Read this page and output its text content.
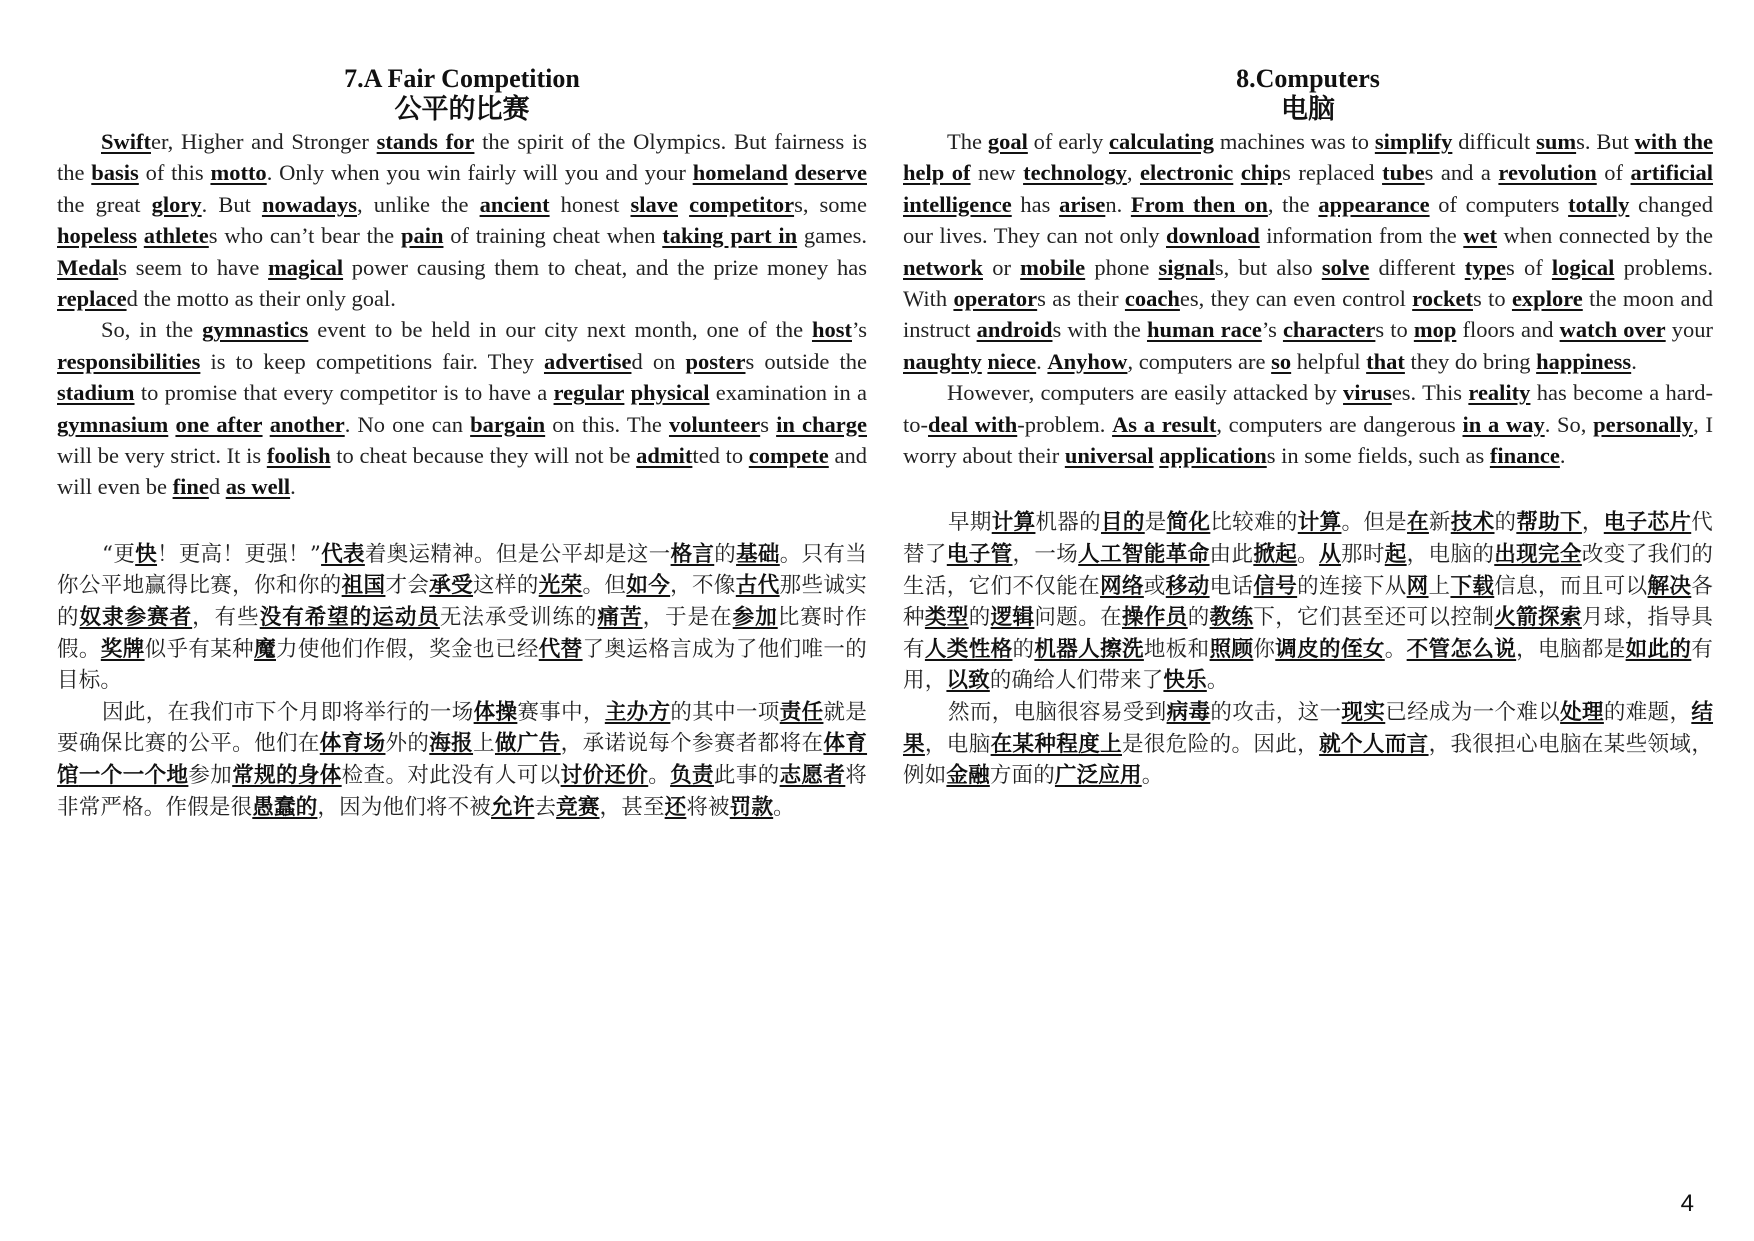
7.A Fair Competition
公平的比赛

Swifter, Higher and Stronger stands for the spirit of the Olympics. But fairness is the basis of this motto. Only when you win fairly will you and your homeland deserve the great glory. But nowadays, unlike the ancient honest slave competitors, some hopeless athletes who can’t bear the pain of training cheat when taking part in games. Medals seem to have magical power causing them to cheat, and the prize money has replaced the motto as their only goal.

So, in the gymnastics event to be held in our city next month, one of the host’s responsibilities is to keep competitions fair. They advertised on posters outside the stadium to promise that every competitor is to have a regular physical examination in a gymnasium one after another. No one can bargain on this. The volunteers in charge will be very strict. It is foolish to cheat because they will not be admitted to compete and will even be fined as well.

“更快！更高！更强！”代表着奥运精神。但是公平却是这一格言的基础。只有当你公平地赢得比赛，你和你的祖国才会承受这样的光荣。但如今，不像古代那些诚实的奴隶参赛者，有些没有希望的运动员无法承受训练的痛苦，于是在参加比赛时作假。奖牌似乎有某种魔力使他们作假，奖金也已经代替了奥运格言成为了他们唯一的目标。

因此，在我们市下个月即将举行的一场体操赛事中，主办方的其中一项责任就是要确保比赛的公平。他们在体育场外的海报上做广告，承诺说每个参赛者都将在体育馆一个一个地参加常规的身体检查。对此没有人可以讨价还价。负责此事的志愿者将非常严格。作假是很愚蠢的，因为他们将不被允许去竞赛，甚至还将被罚款。

8.Computers
电脑

The goal of early calculating machines was to simplify difficult sums. But with the help of new technology, electronic chips replaced tubes and a revolution of artificial intelligence has arisen. From then on, the appearance of computers totally changed our lives. They can not only download information from the wet when connected by the network or mobile phone signals, but also solve different types of logical problems. With operators as their coaches, they can even control rockets to explore the moon and instruct androids with the human race’s characters to mop floors and watch over your naughty niece. Anyhow, computers are so helpful that they do bring happiness.

However, computers are easily attacked by viruses. This reality has become a hard-to-deal with-problem. As a result, computers are dangerous in a way. So, personally, I worry about their universal applications in some fields, such as finance.

早期计算机器的目的是简化比较难的计算。但是在新技术的帮助下，电子芯片代替了电子管，一场人工智能革命由此掀起。从那时起，电脑的出现完全改变了我们的生活，它们不仅能在网络或移动电话信号的连接下从网上下载信息，而且可以解决各种类型的逻辑问题。在操作员的教练下，它们甚至还可以控制火箭探索月球，指导具有人类性格的机器人擦洗地板和照顾你调皮的侄女。不管怎么说，电脑都是如此的有用，以致的确给人们带来了快乐。

然而，电脑很容易受到病毒的攻击，这一现实已经成为一个难以处理的难题，结果，电脑在某种程度上是很危险的。因此，就个人而言，我很担心电脑在某些领域，例如金融方面的广泛应用。

4
